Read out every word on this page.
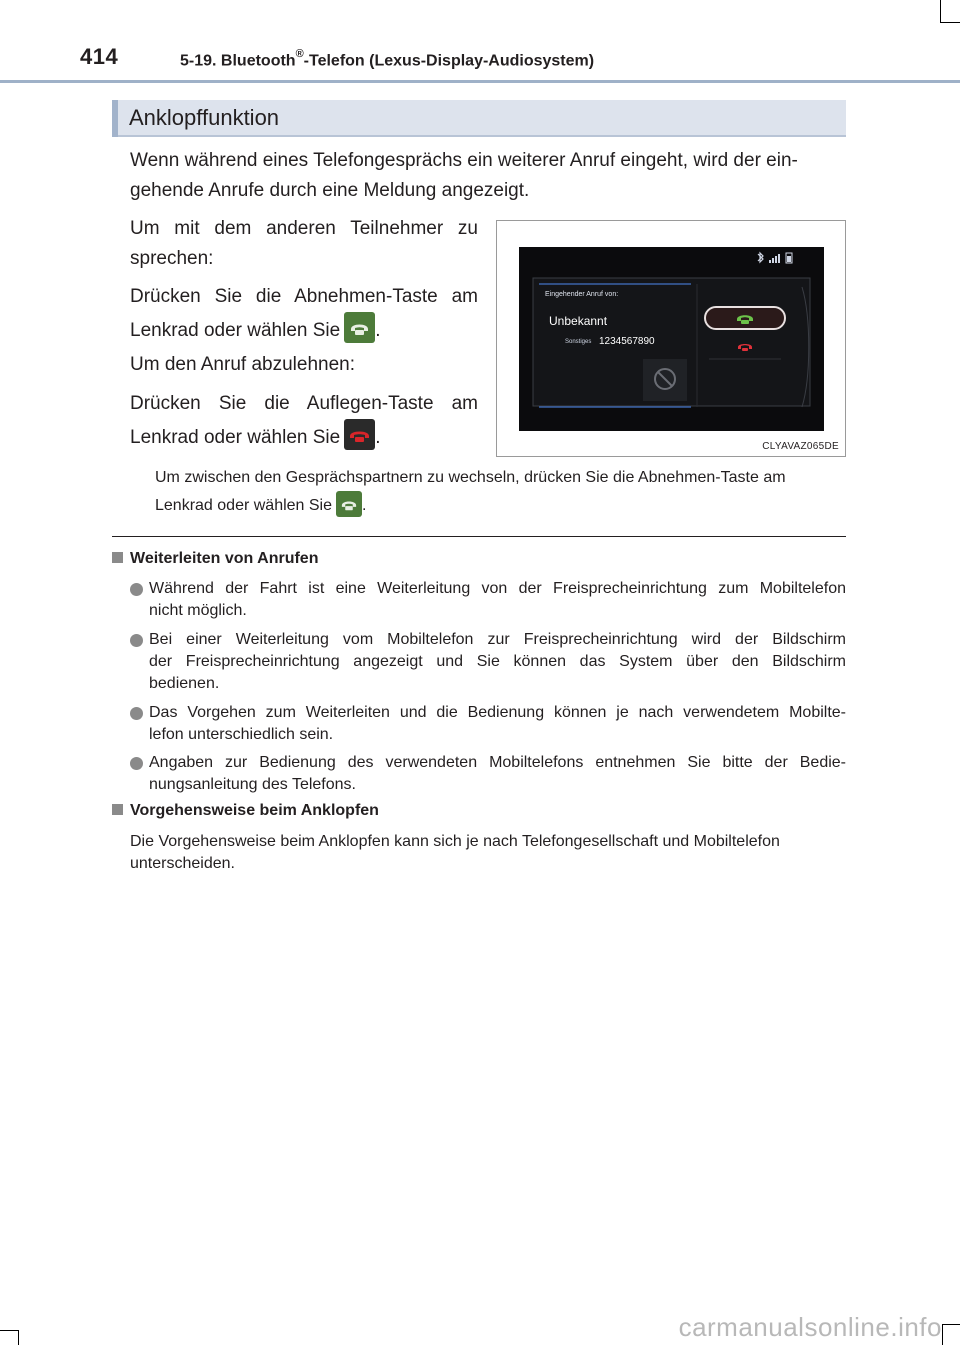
414	5-19. Bluetooth®-Telefon (Lexus-Display-Audiosystem)
Anklopffunktion
Wenn während eines Telefongesprächs ein weiterer Anruf eingeht, wird der ein-
gehende Anrufe durch eine Meldung angezeigt.
Um mit dem anderen Teilnehmer zu
sprechen:
Drücken Sie die Abnehmen-Taste am
Lenkrad oder wählen Sie .
Um den Anruf abzulehnen:
Drücken Sie die Auflegen-Taste am
Lenkrad oder wählen Sie .
Eingehender Anruf von:
Unbekannt
Sonstiges 1234567890
CLYAVAZ065DE
Um zwischen den Gesprächspartnern zu wechseln, drücken Sie die Abnehmen-Taste am
Lenkrad oder wählen Sie .
Weiterleiten von Anrufen
Während der Fahrt ist eine Weiterleitung von der Freisprecheinrichtung zum Mobiltelefon
nicht möglich.
Bei einer Weiterleitung vom Mobiltelefon zur Freisprecheinrichtung wird der Bildschirm
der Freisprecheinrichtung angezeigt und Sie können das System über den Bildschirm
bedienen.
Das Vorgehen zum Weiterleiten und die Bedienung können je nach verwendetem Mobilte-
lefon unterschiedlich sein.
Angaben zur Bedienung des verwendeten Mobiltelefons entnehmen Sie bitte der Bedie-
nungsanleitung des Telefons.
Vorgehensweise beim Anklopfen
Die Vorgehensweise beim Anklopfen kann sich je nach Telefongesellschaft und Mobiltelefon
unterscheiden.
carmanualsonline.info
